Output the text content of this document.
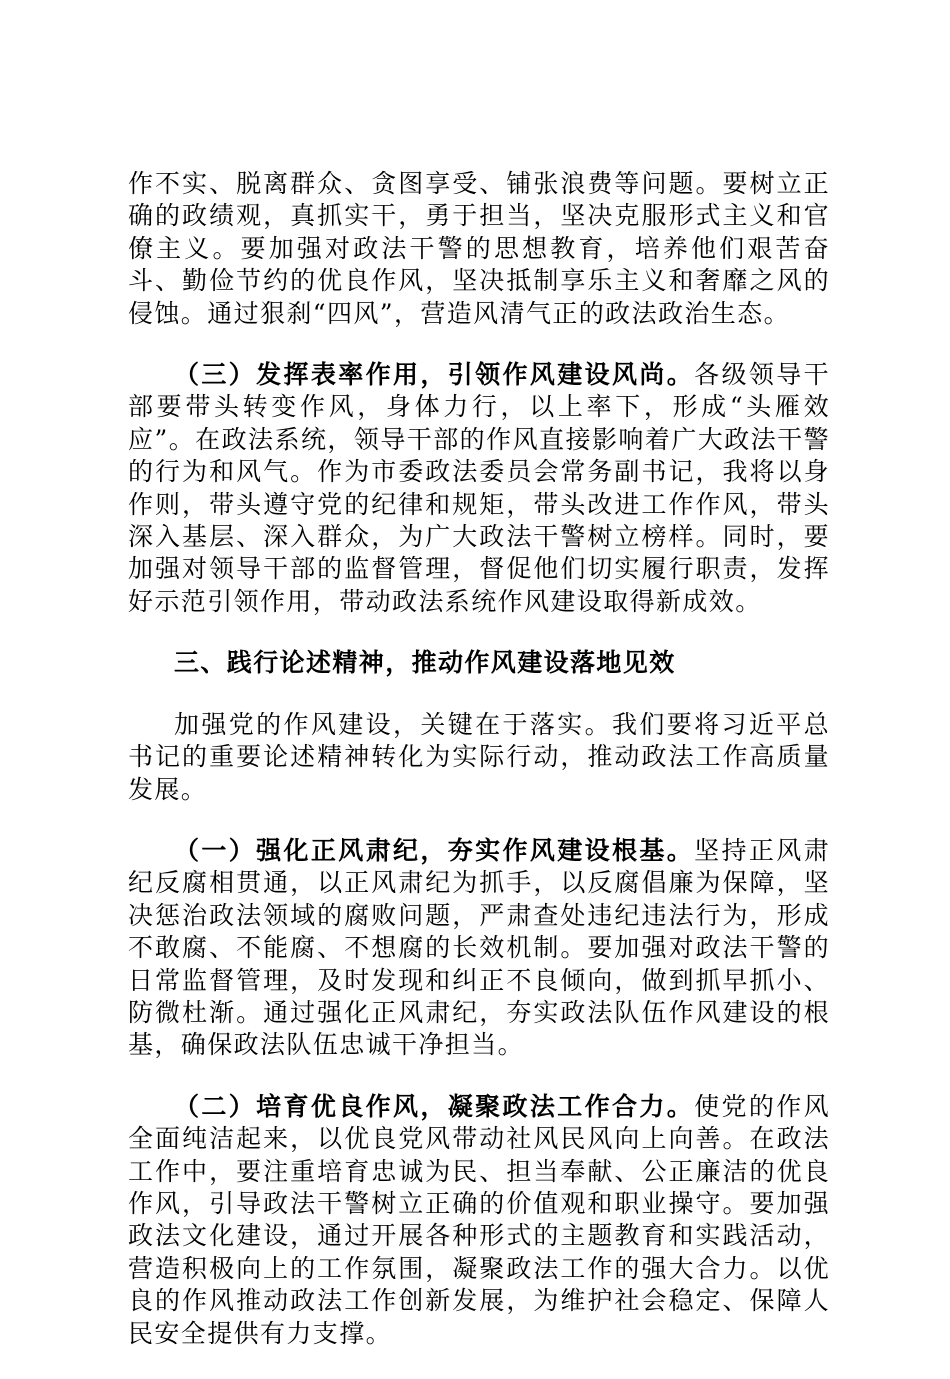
作不实、脱离群众、贪图享受、铺张浪费等问题。要树立正确的政绩观，真抓实干，勇于担当，坚决克服形式主义和官僚主义。要加强对政法干警的思想教育，培养他们艰苦奋斗、勤俭节约的优良作风，坚决抵制享乐主义和奢靡之风的侵蚀。通过狠刹“四风”，营造风清气正的政法政治生态。

（三）发挥表率作用，引领作风建设风尚。各级领导干部要带头转变作风，身体力行，以上率下，形成“头雁效应”。在政法系统，领导干部的作风直接影响着广大政法干警的行为和风气。作为市委政法委员会常务副书记，我将以身作则，带头遵守党的纪律和规矩，带头改进工作作风，带头深入基层、深入群众，为广大政法干警树立榜样。同时，要加强对领导干部的监督管理，督促他们切实履行职责，发挥好示范引领作用，带动政法系统作风建设取得新成效。

三、践行论述精神，推动作风建设落地见效

加强党的作风建设，关键在于落实。我们要将习近平总书记的重要论述精神转化为实际行动，推动政法工作高质量发展。

（一）强化正风肃纪，夯实作风建设根基。坚持正风肃纪反腐相贯通，以正风肃纪为抓手，以反腐倡廉为保障，坚决惩治政法领域的腐败问题，严肃查处违纪违法行为，形成不敢腐、不能腐、不想腐的长效机制。要加强对政法干警的日常监督管理，及时发现和纠正不良倾向，做到抓早抓小、防微杜渐。通过强化正风肃纪，夯实政法队伍作风建设的根基，确保政法队伍忠诚干净担当。

（二）培育优良作风，凝聚政法工作合力。使党的作风全面纯洁起来，以优良党风带动社风民风向上向善。在政法工作中，要注重培育忠诚为民、担当奉献、公正廉洁的优良作风，引导政法干警树立正确的价值观和职业操守。要加强政法文化建设，通过开展各种形式的主题教育和实践活动，营造积极向上的工作氛围，凝聚政法工作的强大合力。以优良的作风推动政法工作创新发展，为维护社会稳定、保障人民安全提供有力支撑。
